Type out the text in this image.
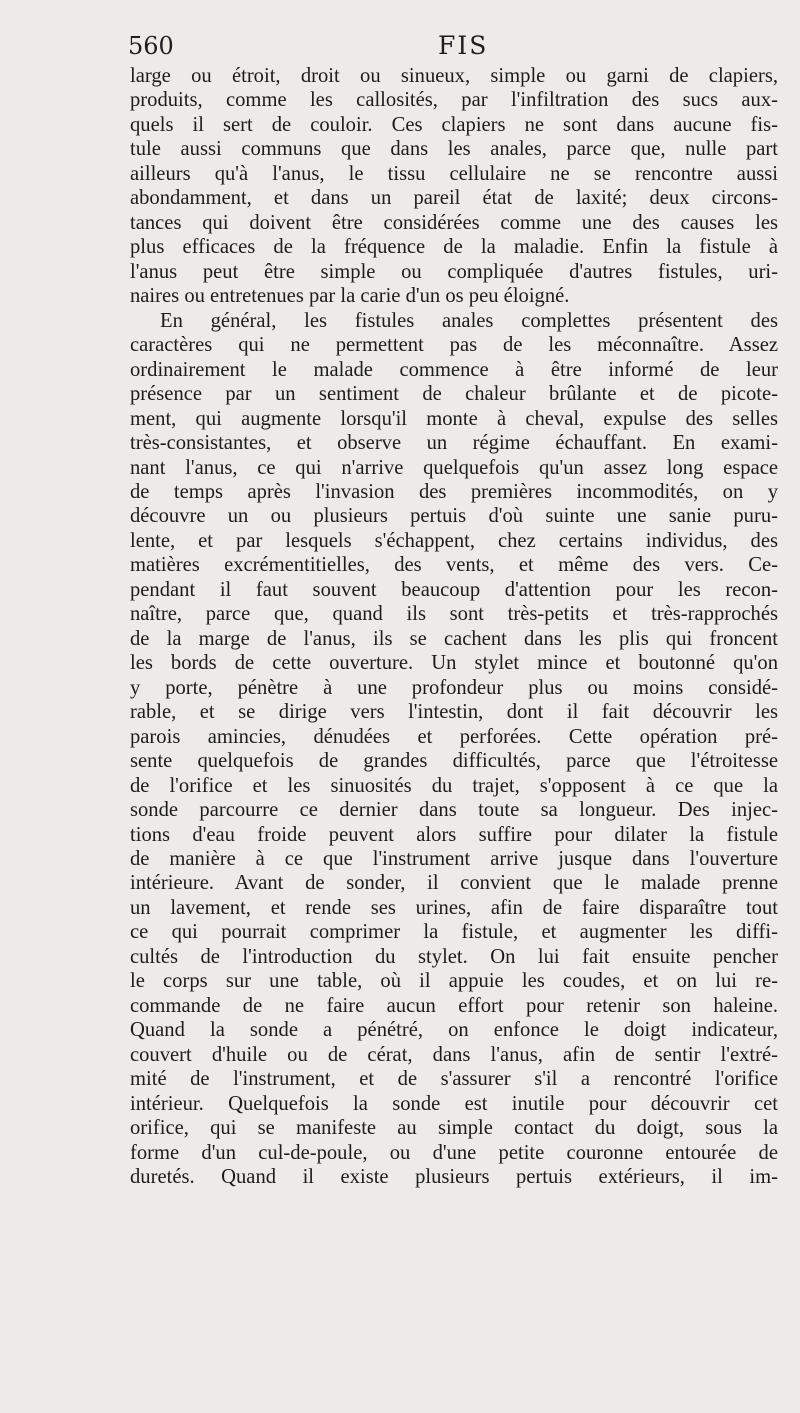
560	FIS
large ou étroit, droit ou sinueux, simple ou garni de clapiers,
produits, comme les callosités, par l'infiltration des sucs aux-
quels il sert de couloir. Ces clapiers ne sont dans aucune fis-
tule aussi communs que dans les anales, parce que, nulle part
ailleurs qu'à l'anus, le tissu cellulaire ne se rencontre aussi
abondamment, et dans un pareil état de laxité; deux circons-
tances qui doivent être considérées comme une des causes les
plus efficaces de la fréquence de la maladie. Enfin la fistule à
l'anus peut être simple ou compliquée d'autres fistules, uri-
naires ou entretenues par la carie d'un os peu éloigné.
En général, les fistules anales complettes présentent des
caractères qui ne permettent pas de les méconnaître. Assez
ordinairement le malade commence à être informé de leur
présence par un sentiment de chaleur brûlante et de picote-
ment, qui augmente lorsqu'il monte à cheval, expulse des selles
très-consistantes, et observe un régime échauffant. En exami-
nant l'anus, ce qui n'arrive quelquefois qu'un assez long espace
de temps après l'invasion des premières incommodités, on y
découvre un ou plusieurs pertuis d'où suinte une sanie puru-
lente, et par lesquels s'échappent, chez certains individus, des
matières excrémentitielles, des vents, et même des vers. Ce-
pendant il faut souvent beaucoup d'attention pour les recon-
naître, parce que, quand ils sont très-petits et très-rapprochés
de la marge de l'anus, ils se cachent dans les plis qui froncent
les bords de cette ouverture. Un stylet mince et boutonné qu'on
y porte, pénètre à une profondeur plus ou moins considé-
rable, et se dirige vers l'intestin, dont il fait découvrir les
parois amincies, dénudées et perforées. Cette opération pré-
sente quelquefois de grandes difficultés, parce que l'étroitesse
de l'orifice et les sinuosités du trajet, s'opposent à ce que la
sonde parcourre ce dernier dans toute sa longueur. Des injec-
tions d'eau froide peuvent alors suffire pour dilater la fistule
de manière à ce que l'instrument arrive jusque dans l'ouverture
intérieure. Avant de sonder, il convient que le malade prenne
un lavement, et rende ses urines, afin de faire disparaître tout
ce qui pourrait comprimer la fistule, et augmenter les diffi-
cultés de l'introduction du stylet. On lui fait ensuite pencher
le corps sur une table, où il appuie les coudes, et on lui re-
commande de ne faire aucun effort pour retenir son haleine.
Quand la sonde a pénétré, on enfonce le doigt indicateur,
couvert d'huile ou de cérat, dans l'anus, afin de sentir l'extré-
mité de l'instrument, et de s'assurer s'il a rencontré l'orifice
intérieur. Quelquefois la sonde est inutile pour découvrir cet
orifice, qui se manifeste au simple contact du doigt, sous la
forme d'un cul-de-poule, ou d'une petite couronne entourée de
duretés. Quand il existe plusieurs pertuis extérieurs, il im-
